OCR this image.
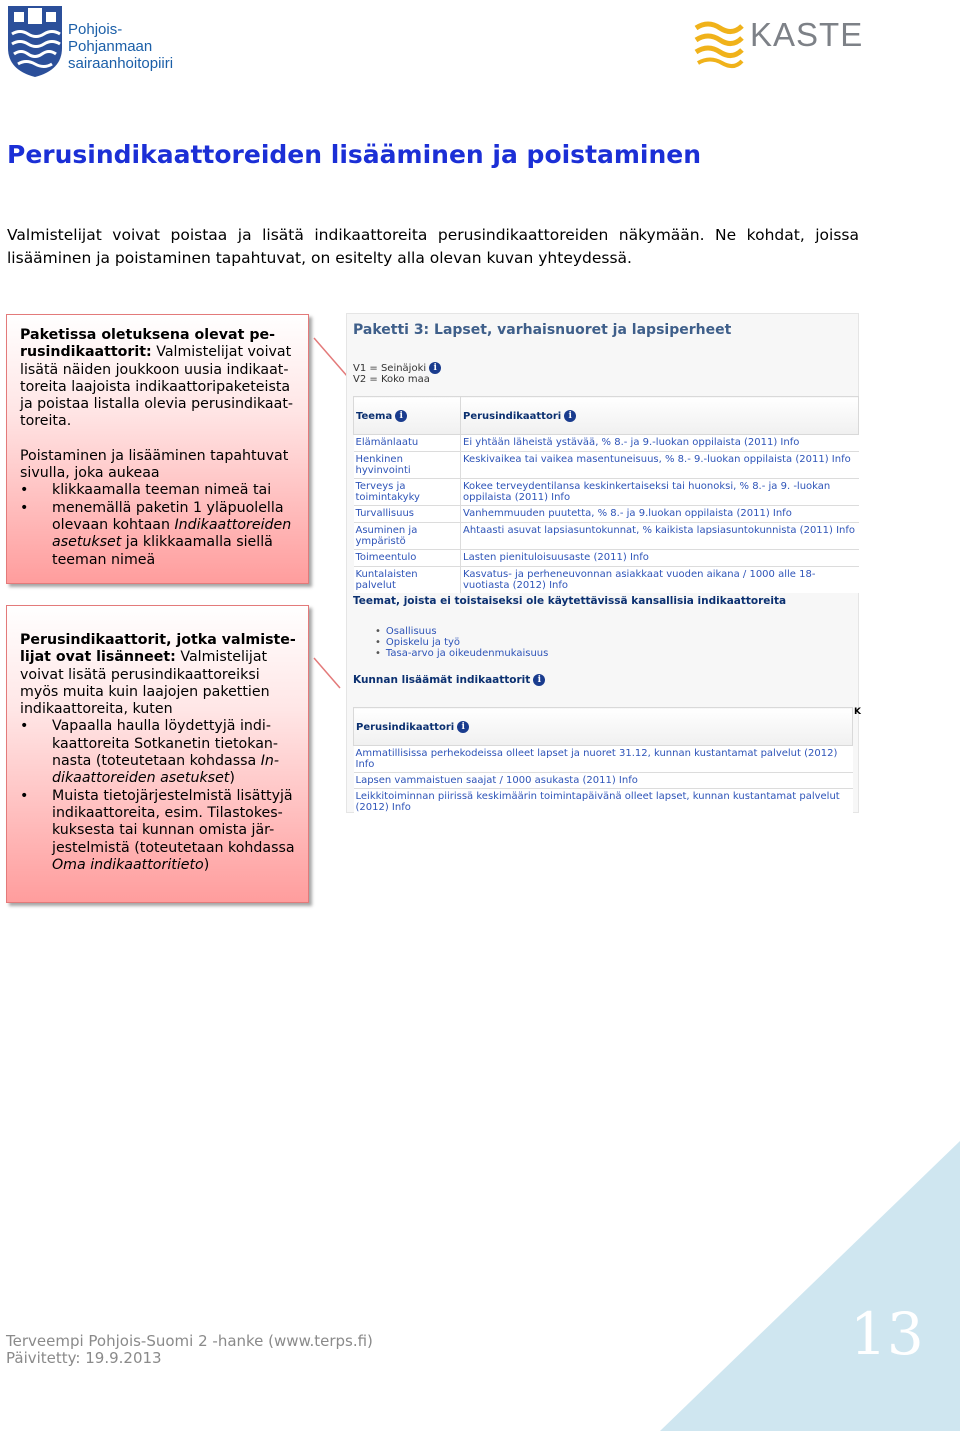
Pohjois-Pohjanmaan
sairaanhoitopiiri
KASTE
Perusindikaattoreiden lisääminen ja poistaminen

Valmistelijat voivat poistaa ja lisätä indikaattoreita perusindikaattoreiden näkymään. Ne kohdat, joissa lisääminen ja poistaminen tapahtuvat, on esitelty alla olevan kuvan yhteydessä.

Paketissa oletuksena olevat pe-rusindikaattorit: Valmistelijat voivat lisätä näiden joukkoon uusia indikaat-toreita laajoista indikaattoripaketeista ja poistaa listalla olevia perusindikaat-toreita.

Poistaminen ja lisääminen tapahtuvat sivulla, joka aukeaa

• klikkaamalla teeman nimeä tai
• menemällä paketin 1 yläpuolella olevaan kohtaan Indikaattoreiden asetukset ja klikkaamalla siellä teeman nimeä

Perusindikaattorit, jotka valmiste-lijat ovat lisänneet: Valmistelijat voivat lisätä perusindikaattoreiksi myös muita kuin laajojen pakettien indikaattoreita, kuten

• Vapaalla haulla löydettyjä indi-kaattoreita Sotkanetin tietokan-nasta (toteutetaan kohdassa In-dikaattoreiden asetukset)
• Muista tietojärjestelmistä lisättyjä indikaattoreita, esim. Tilastokes-kuksesta tai kunnan omista jär-jestelmistä (toteutetaan kohdassa Oma indikaattoritieto)
Paketti 3: Lapset, varhaisnuoret ja lapsiperheet
V1 = Seinäjoki i
V2 = Koko maa
Teema i	Perusindikaattori i
Elämänlaatu	Ei yhtään läheistä ystävää, % 8.- ja 9.-luokan oppilaista (2011) Info
Henkinen hyvinvointi	Keskivaikea tai vaikea masentuneisuus, % 8.- 9.-luokan oppilaista (2011) Info
Terveys ja toimintakyky	Kokee terveydentilansa keskinkertaiseksi tai huonoksi, % 8.- ja 9. -luokan oppilaista (2011) Info
Turvallisuus	Vanhemmuuden puutetta, % 8.- ja 9.luokan oppilaista (2011) Info
Asuminen ja ympäristö	Ahtaasti asuvat lapsiasuntokunnat, % kaikista lapsiasuntokunnista (2011) Info
Toimeentulo	Lasten pienituloisuusaste (2011) Info
Kuntalaisten palvelut	Kasvatus- ja perheneuvonnan asiakkaat vuoden aikana / 1000 alle 18-vuotiasta (2012) Info
Teemat, joista ei toistaiseksi ole käytettävissä kansallisia indikaattoreita
• Osallisuus
• Opiskelu ja työ
• Tasa-arvo ja oikeudenmukaisuus
Kunnan lisäämät indikaattorit i
Perusindikaattori i
Ammatillisissa perhekodeissa olleet lapset ja nuoret 31.12, kunnan kustantamat palvelut (2012) Info
Lapsen vammaistuen saajat / 1000 asukasta (2011) Info
Leikkitoiminnan piirissä keskimäärin toimintapäivänä olleet lapset, kunnan kustantamat palvelut (2012) Info
K
Terveempi Pohjois-Suomi 2 -hanke (www.terps.fi)
Päivitetty: 19.9.2013	13
